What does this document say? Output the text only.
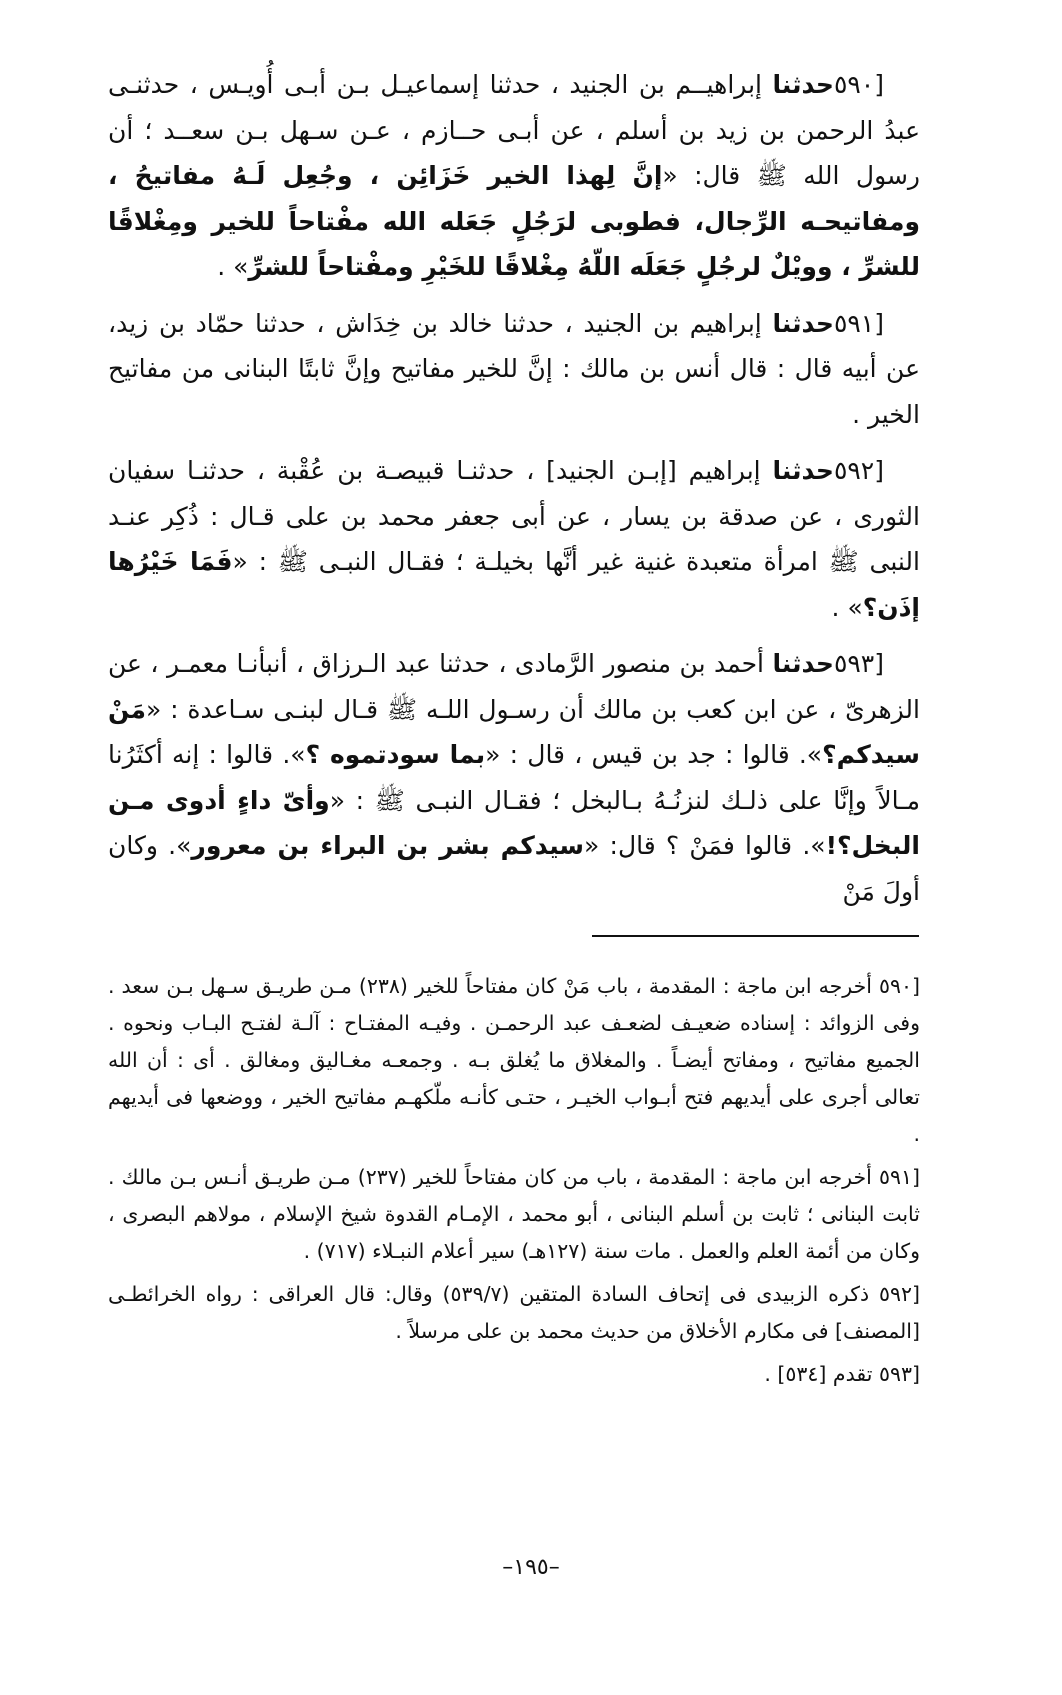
[٥٩٠حدثنا إبراهيــم بن الجنيد ، حدثنا إسماعيـل بـن أبـى أُويـس ، حدثنـى عبدُ الرحمن بن زيد بن أسلم ، عن أبـى حــازم ، عـن سـهل بـن سعــد ؛ أن رسول الله ﷺ قال: «إنَّ لِهذا الخير خَزَائِن ، وجُعِل لَـهُ مفاتيحُ ، ومفاتيحـه الرِّجال، فطوبى لرَجُلٍ جَعَله الله مفْتاحاً للخير ومِغْلاقًا للشرِّ ، وويْلٌ لرجُلٍ جَعَلَه اللّهُ مِغْلاقًا للخَيْرِ ومفْتاحاً للشرِّ» .

[٥٩١حدثنا إبراهيم بن الجنيد ، حدثنا خالد بن خِدَاش ، حدثنا حمّاد بن زيد، عن أبيه قال : قال أنس بن مالك : إنَّ للخير مفاتيح وإنَّ ثابتًا البنانى من مفاتيح الخير .

[٥٩٢حدثنا إبراهيم [إبـن الجنيد] ، حدثنـا قبيصـة بن عُقْبة ، حدثنـا سفيان الثورى ، عن صدقة بن يسار ، عن أبى جعفر محمد بن على قـال : ذُكِر عنـد النبى ﷺ امرأة متعبدة غنية غير أنَّها بخيلـة ؛ فقـال النبـى ﷺ : «فَمَا خَيْرُها إذَن؟» .

[٥٩٣حدثنا أحمد بن منصور الرَّمادى ، حدثنا عبد الـرزاق ، أنبأنـا معمـر ، عن الزهرىّ ، عن ابن كعب بن مالك أن رسـول اللـه ﷺ قـال لبنـى سـاعدة : «مَنْ سيدكم؟». قالوا : جد بن قيس ، قال : «بما سودتموه ؟». قالوا : إنه أكثَرُنا مـالاً وإنَّا على ذلـك لنزنُـهُ بـالبخل ؛ فقـال النبـى ﷺ : «وأىّ داءٍ أدوى مـن البخل؟!». قالوا فمَنْ ؟ قال: «سيدكم بشر بن البراء بن معرور». وكان أولَ مَنْ

[٥٩٠ أخرجه ابن ماجة : المقدمة ، باب مَنْ كان مفتاحاً للخير (٢٣٨) مـن طريـق سـهل بـن سعد . وفى الزوائد : إسناده ضعيـف لضعـف عبد الرحمـن . وفيـه المفتـاح : آلـة لفتـح البـاب ونحوه . الجميع مفاتيح ، ومفاتح أيضـاً . والمغلاق ما يُغلق بـه . وجمعـه مغـاليق ومغالق . أى : أن الله تعالى أجرى على أيديهم فتح أبـواب الخيـر ، حتـى كأنـه ملّكهـم مفاتيح الخير ، ووضعها فى أيديهم .

[٥٩١ أخرجه ابن ماجة : المقدمة ، باب من كان مفتاحاً للخير (٢٣٧) مـن طريـق أنـس بـن مالك . ثابت البنانى ؛ ثابت بن أسلم البنانى ، أبو محمد ، الإمـام القدوة شيخ الإسلام ، مولاهم البصرى ، وكان من أئمة العلم والعمل . مات سنة (١٢٧هـ) سير أعلام النبـلاء (٧١٧) .

[٥٩٢ ذكره الزبيدى فى إتحاف السادة المتقين (٥٣٩/٧) وقال: قال العراقى : رواه الخرائطـى [المصنف] فى مكارم الأخلاق من حديث محمد بن على مرسلاً .

[٥٩٣ تقدم [٥٣٤] .

–١٩٥–
